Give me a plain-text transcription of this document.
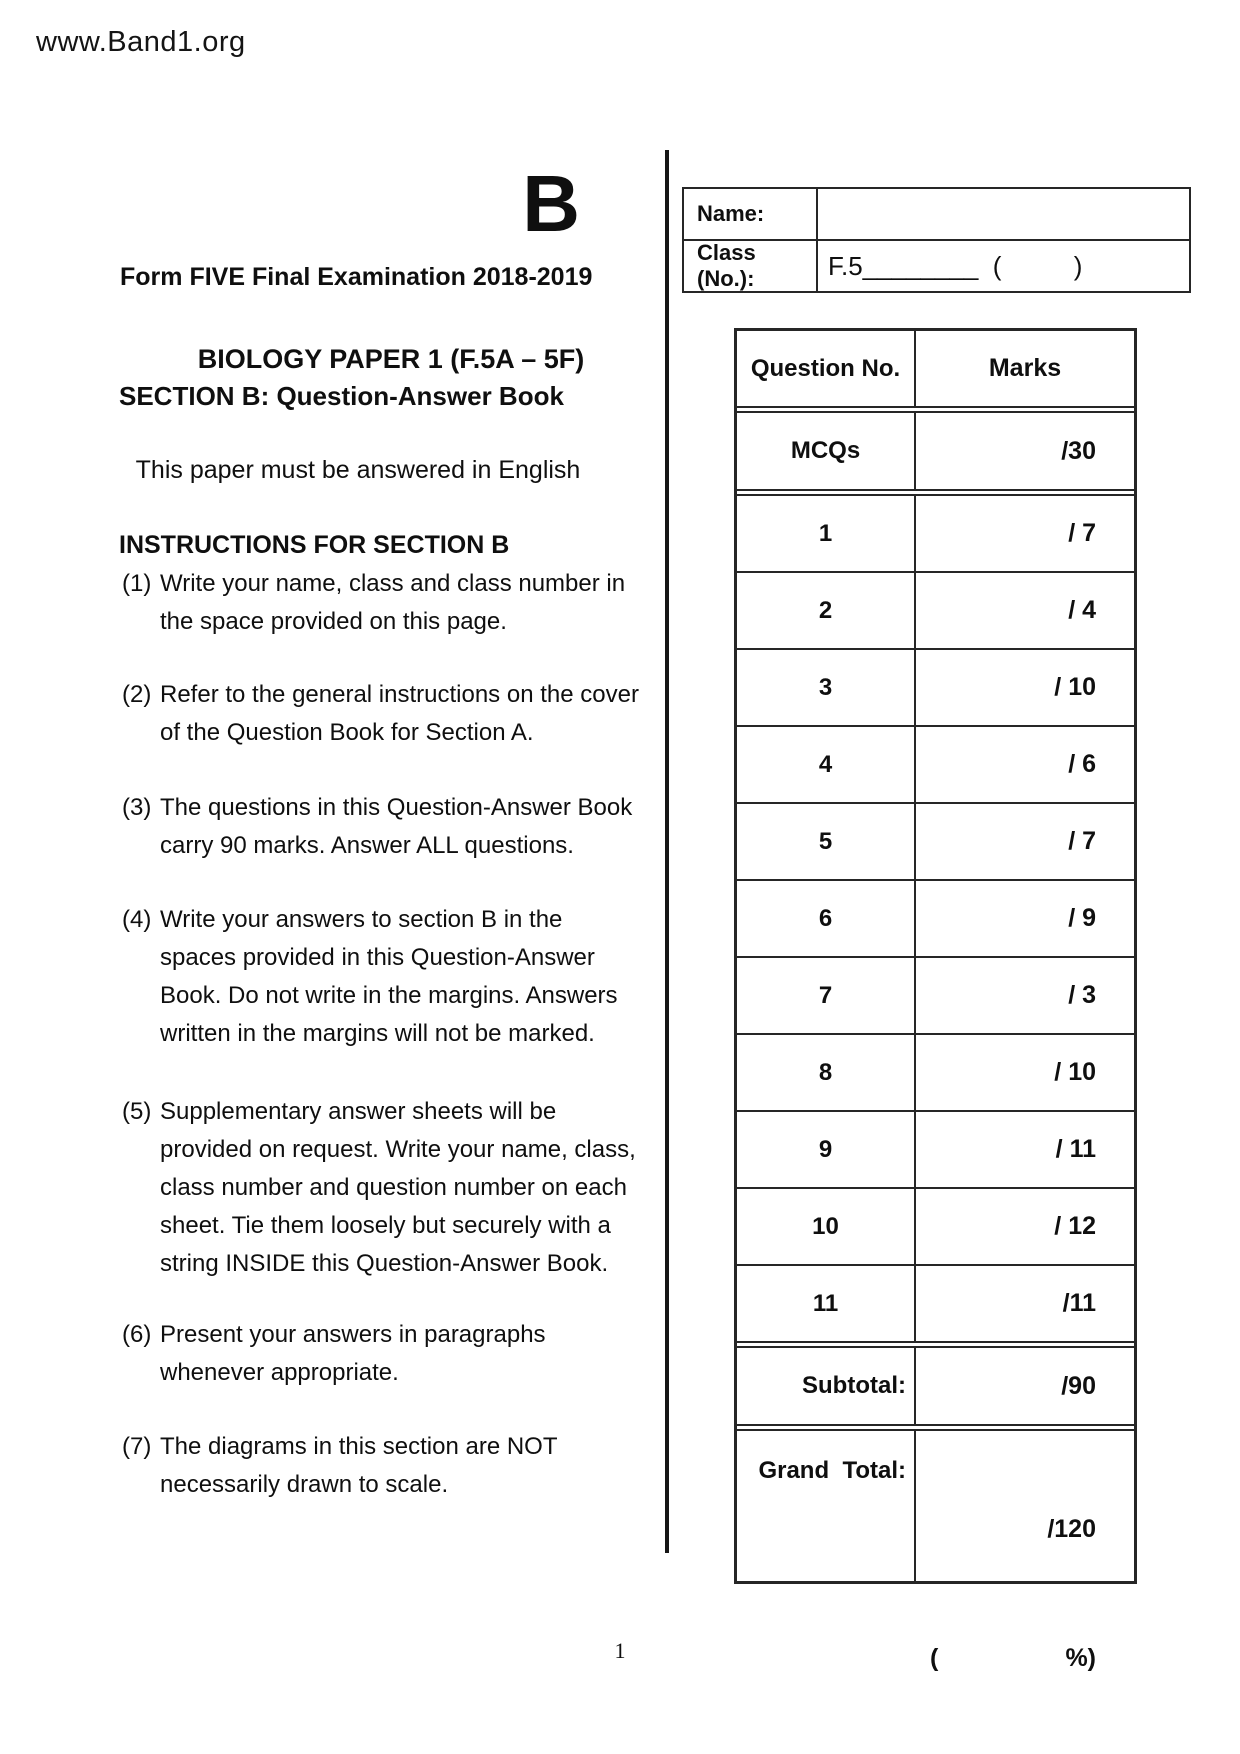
www.Band1.org
B
Form FIVE Final Examination 2018-2019
BIOLOGY PAPER 1 (F.5A – 5F)
SECTION B: Question-Answer Book
This paper must be answered in English
INSTRUCTIONS FOR SECTION B
(1) Write your name, class and class number in
the space provided on this page.
(2) Refer to the general instructions on the cover
of the Question Book for Section A.
(3) The questions in this Question-Answer Book
carry 90 marks. Answer ALL questions.
(4) Write your answers to section B in the
spaces provided in this Question-Answer
Book. Do not write in the margins. Answers
written in the margins will not be marked.
(5) Supplementary answer sheets will be
provided on request. Write your name, class,
class number and question number on each
sheet. Tie them loosely but securely with a
string INSIDE this Question-Answer Book.
(6) Present your answers in paragraphs
whenever appropriate.
(7) The diagrams in this section are NOT
necessarily drawn to scale.
Name:
Class (No.):	F.5________  (          )
Question No.	Marks
MCQs	/30
1	/ 7
2	/ 4
3	/ 10
4	/ 6
5	/ 7
6	/ 9
7	/ 3
8	/ 10
9	/ 11
10	/ 12
11	/11
Subtotal:	/90
Grand  Total:

/120

(	%)

1
